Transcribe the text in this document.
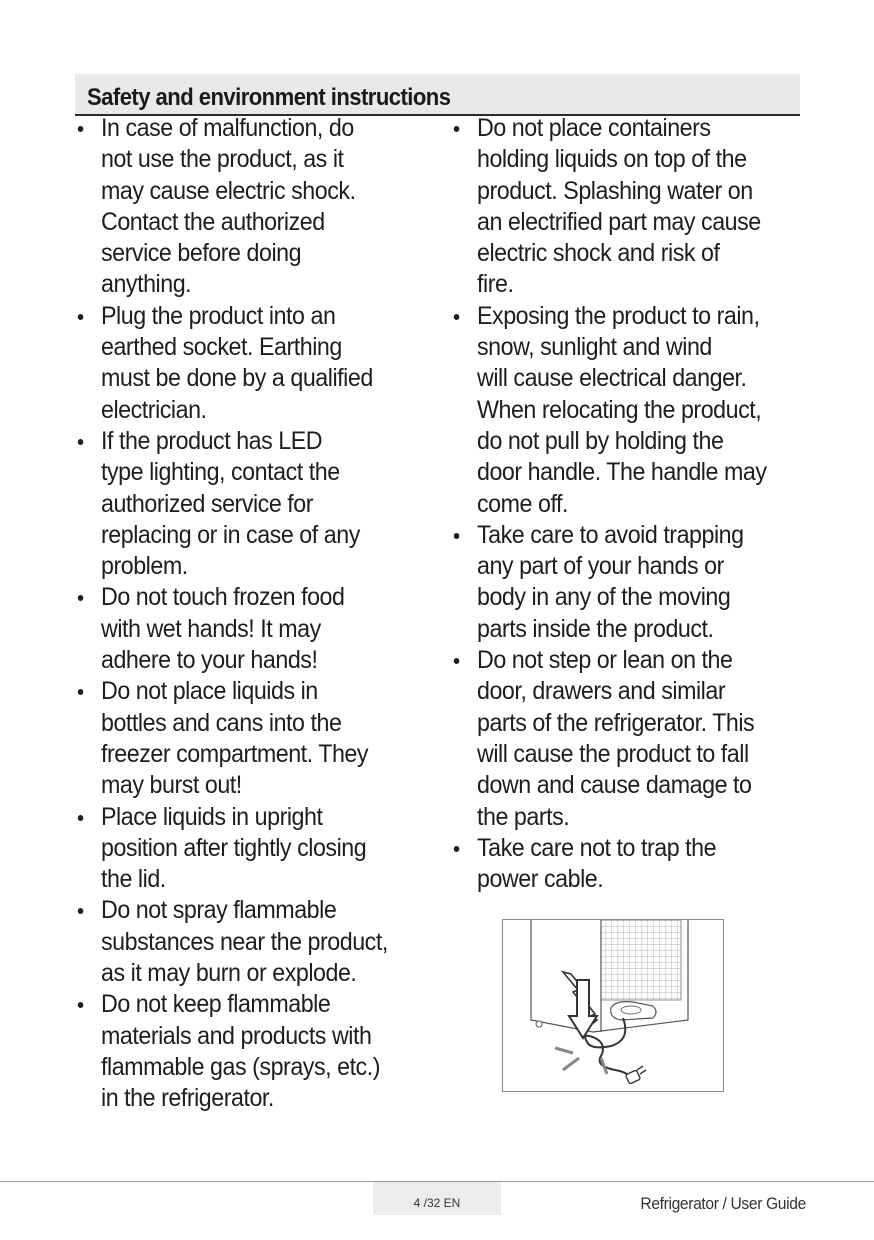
Safety and environment instructions
In case of malfunction, do
not use the product, as it
may cause electric shock.
Contact the authorized
service before doing
anything.
Plug the product into an
earthed socket. Earthing
must be done by a qualified
electrician.
If the product has LED
type lighting, contact the
authorized service for
replacing or in case of any
problem.
Do not touch frozen food
with wet hands! It may
adhere to your hands!
Do not place liquids in
bottles and cans into the
freezer compartment. They
may burst out!
Place liquids in upright
position after tightly closing
the lid.
Do not spray flammable
substances near the product,
as it may burn or explode.
Do not keep flammable
materials and products with
flammable gas (sprays, etc.)
in the refrigerator.
Do not place containers
holding liquids on top of the
product. Splashing water on
an electrified part may cause
electric shock and risk of
fire.
Exposing the product to rain,
snow, sunlight and wind
will cause electrical danger.
When relocating the product,
do not pull by holding the
door handle. The handle may
come off.
Take care to avoid trapping
any part of your hands or
body in any of the moving
parts inside the product.
Do not step or lean on the
door, drawers and similar
parts of the refrigerator. This
will cause the product to fall
down and cause damage to
the parts.
Take care not to trap the
power cable.
4 /32 EN	Refrigerator / User Guide
